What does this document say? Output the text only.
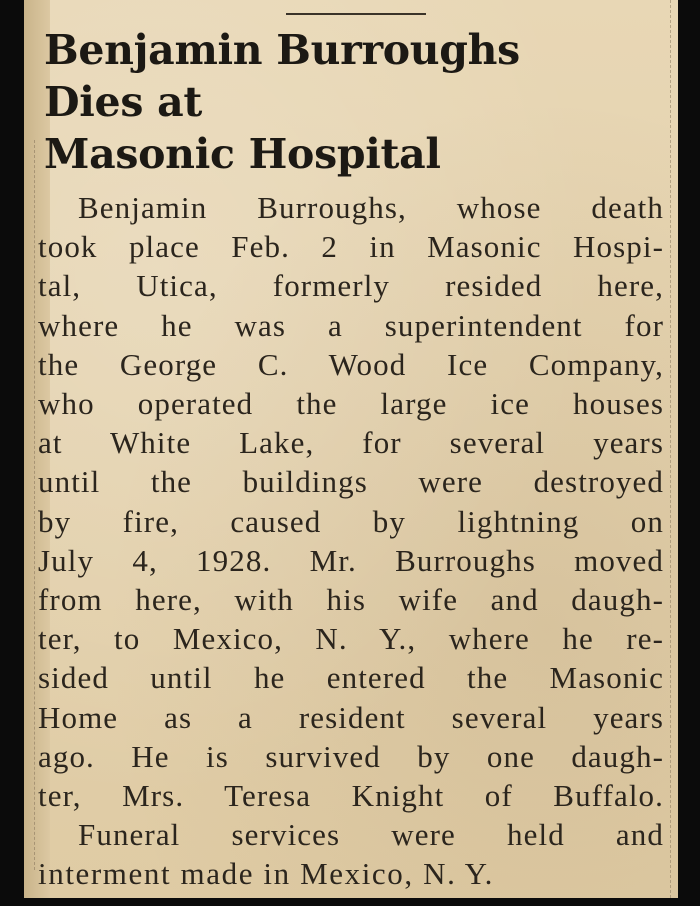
Benjamin Burroughs
Dies at
Masonic Hospital
Benjamin Burroughs, whose death
took place Feb. 2 in Masonic Hospi-
tal, Utica, formerly resided here,
where he was a superintendent for
the George C. Wood Ice Company,
who operated the large ice houses
at White Lake, for several years
until the buildings were destroyed
by fire, caused by lightning on
July 4, 1928. Mr. Burroughs moved
from here, with his wife and daugh-
ter, to Mexico, N. Y., where he re-
sided until he entered the Masonic
Home as a resident several years
ago. He is survived by one daugh-
ter, Mrs. Teresa Knight of Buffalo.
Funeral services were held and
interment made in Mexico, N. Y.
